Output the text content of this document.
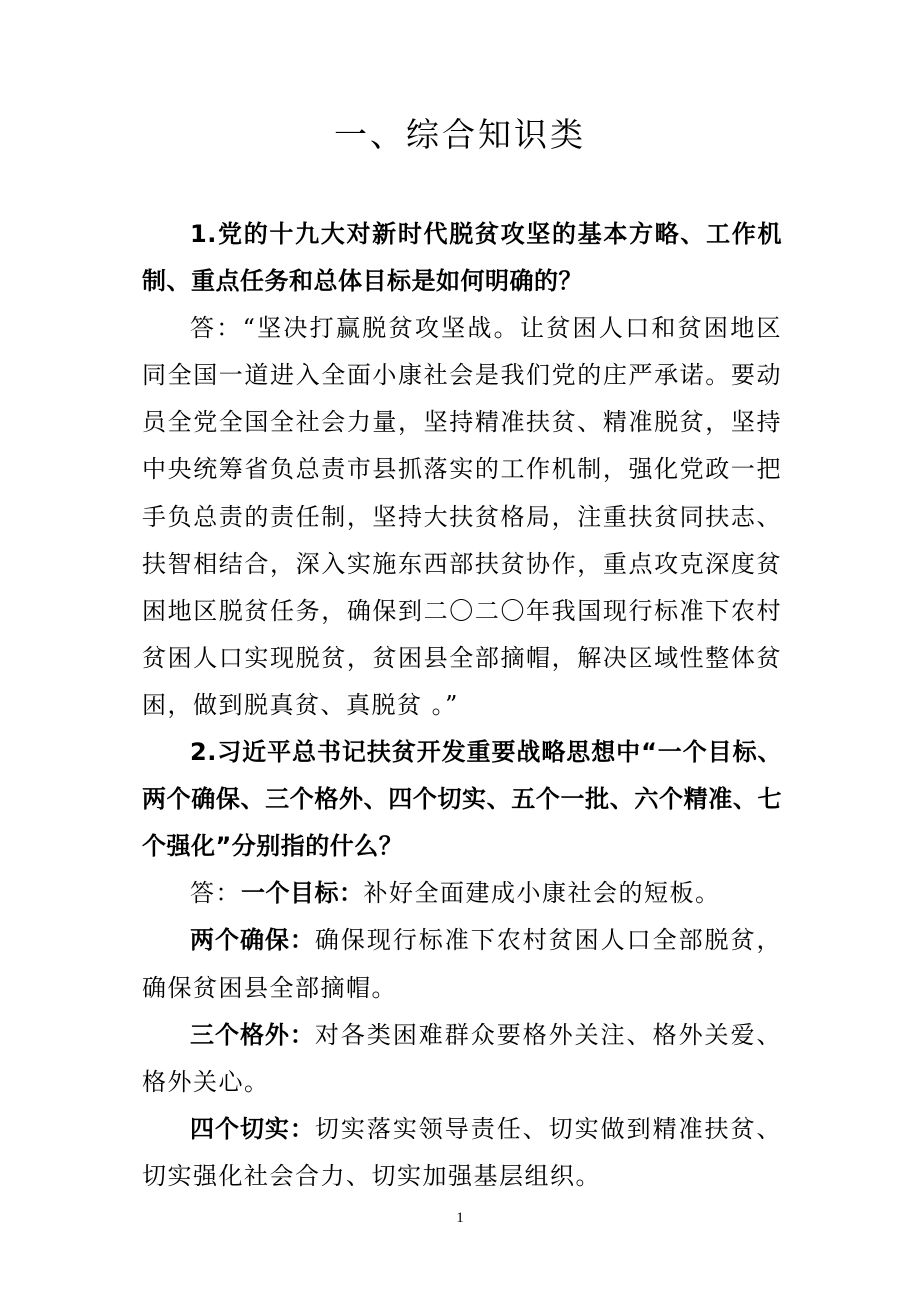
一、综合知识类

1.党的十九大对新时代脱贫攻坚的基本方略、工作机制、重点任务和总体目标是如何明确的？

答：“坚决打赢脱贫攻坚战。让贫困人口和贫困地区同全国一道进入全面小康社会是我们党的庄严承诺。要动员全党全国全社会力量，坚持精准扶贫、精准脱贫，坚持中央统筹省负总责市县抓落实的工作机制，强化党政一把手负总责的责任制，坚持大扶贫格局，注重扶贫同扶志、扶智相结合，深入实施东西部扶贫协作，重点攻克深度贫困地区脱贫任务，确保到二〇二〇年我国现行标准下农村贫困人口实现脱贫，贫困县全部摘帽，解决区域性整体贫困，做到脱真贫、真脱贫 。”

2.习近平总书记扶贫开发重要战略思想中“一个目标、两个确保、三个格外、四个切实、五个一批、六个精准、七个强化”分别指的什么？

答：一个目标：补好全面建成小康社会的短板。

两个确保：确保现行标准下农村贫困人口全部脱贫，确保贫困县全部摘帽。

三个格外：对各类困难群众要格外关注、格外关爱、格外关心。

四个切实：切实落实领导责任、切实做到精准扶贫、切实强化社会合力、切实加强基层组织。

1
